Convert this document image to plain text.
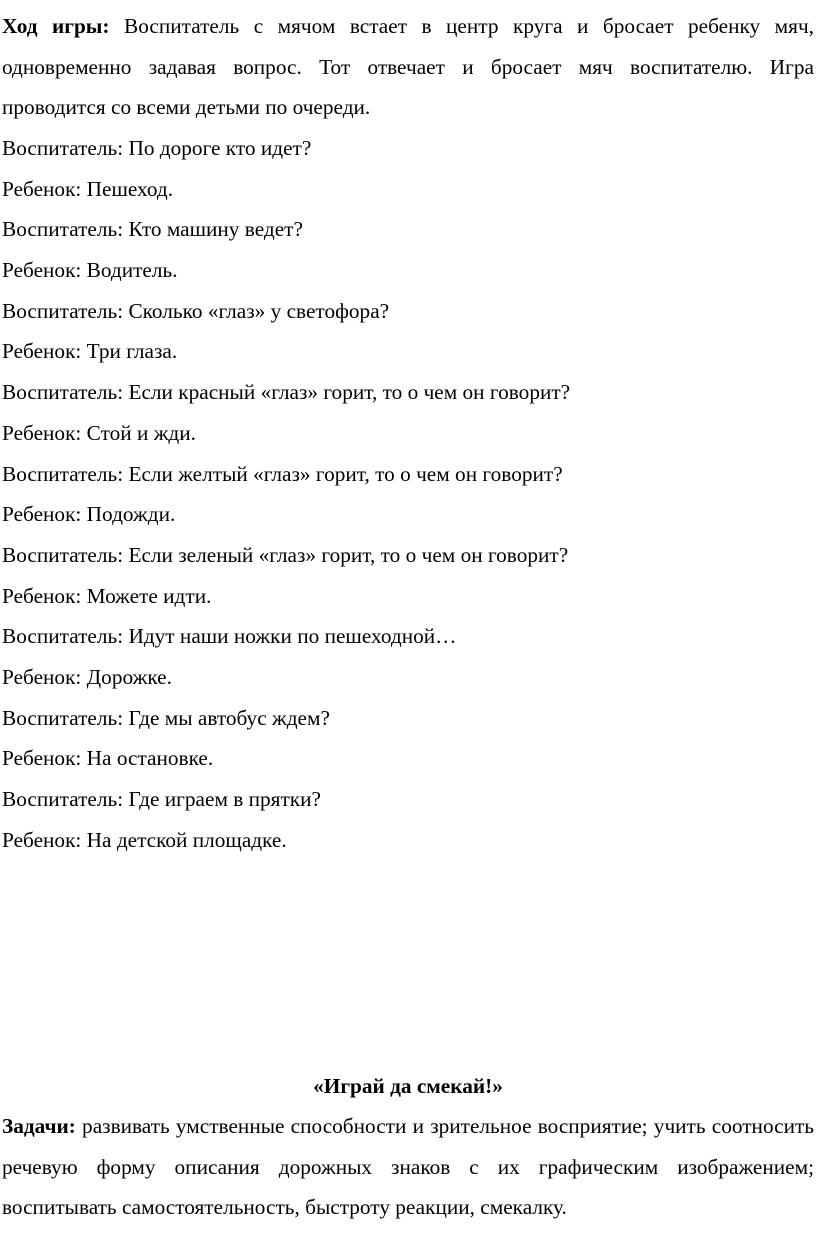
Ход игры: Воспитатель с мячом встает в центр круга и бросает ребенку мяч, одновременно задавая вопрос. Тот отвечает и бросает мяч воспитателю. Игра проводится со всеми детьми по очереди.

Воспитатель: По дороге кто идет?
Ребенок: Пешеход.
Воспитатель: Кто машину ведет?
Ребенок: Водитель.
Воспитатель: Сколько «глаз» у светофора?
Ребенок: Три глаза.
Воспитатель: Если красный «глаз» горит, то о чем он говорит?
Ребенок: Стой и жди.
Воспитатель: Если желтый «глаз» горит, то о чем он говорит?
Ребенок: Подожди.
Воспитатель: Если зеленый «глаз» горит, то о чем он говорит?
Ребенок: Можете идти.
Воспитатель: Идут наши ножки по пешеходной…
Ребенок: Дорожке.
Воспитатель: Где мы автобус ждем?
Ребенок: На остановке.
Воспитатель: Где играем в прятки?
Ребенок: На детской площадке.
«Играй да смекай!»

Задачи: развивать умственные способности и зрительное восприятие; учить соотносить речевую форму описания дорожных знаков с их графическим изображением; воспитывать самостоятельность, быстроту реакции, смекалку.
